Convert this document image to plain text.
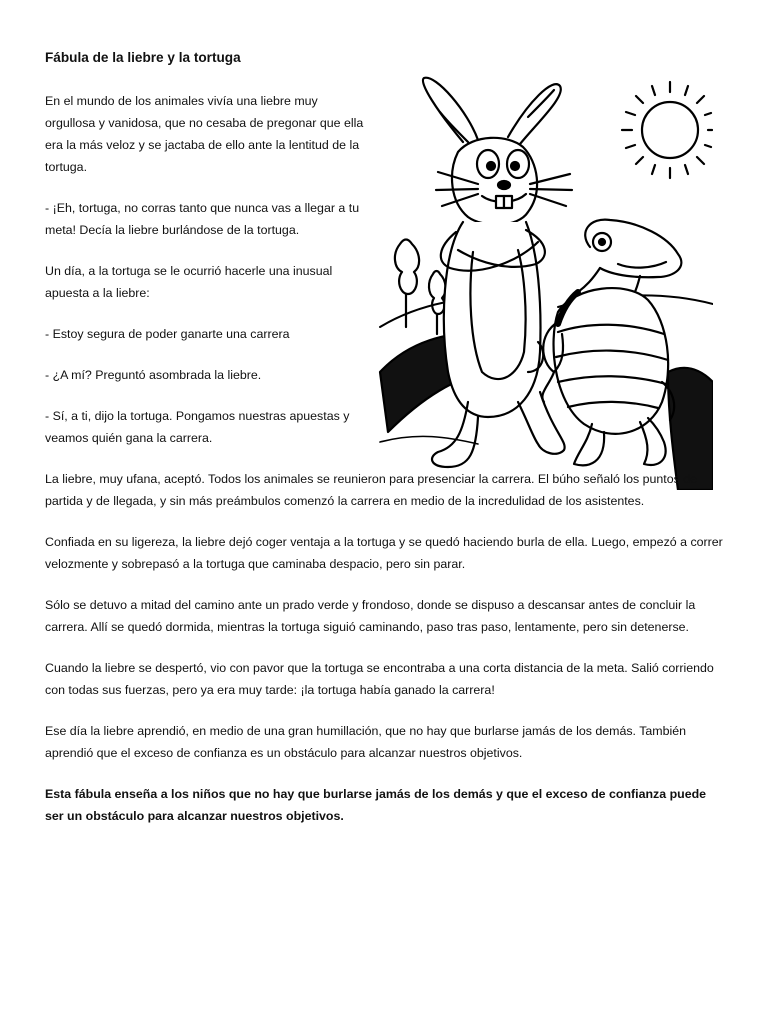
Fábula de la liebre y la tortuga

En el mundo de los animales vivía una liebre muy orgullosa y vanidosa, que no cesaba de pregonar que ella era la más veloz y se jactaba de ello ante la lentitud de la tortuga.

- ¡Eh, tortuga, no corras tanto que nunca vas a llegar a tu meta! Decía la liebre burlándose de la tortuga.

Un día, a la tortuga se le ocurrió hacerle una inusual apuesta a la liebre:

- Estoy segura de poder ganarte una carrera

- ¿A mí? Preguntó asombrada la liebre.

- Sí, a ti, dijo la tortuga. Pongamos nuestras apuestas y veamos quién gana la carrera.

La liebre, muy ufana, aceptó. Todos los animales se reunieron para presenciar la carrera. El búho señaló los puntos de partida y de llegada, y sin más preámbulos comenzó la carrera en medio de la incredulidad de los asistentes.

Confiada en su ligereza, la liebre dejó coger ventaja a la tortuga y se quedó haciendo burla de ella. Luego, empezó a correr velozmente y sobrepasó a la tortuga que caminaba despacio, pero sin parar.

Sólo se detuvo a mitad del camino ante un prado verde y frondoso, donde se dispuso a descansar antes de concluir la carrera. Allí se quedó dormida, mientras la tortuga siguió caminando, paso tras paso, lentamente, pero sin detenerse.

Cuando la liebre se despertó, vio con pavor que la tortuga se encontraba a una corta distancia de la meta. Salió corriendo con todas sus fuerzas, pero ya era muy tarde: ¡la tortuga había ganado la carrera!

Ese día la liebre aprendió, en medio de una gran humillación, que no hay que burlarse jamás de los demás. También aprendió que el exceso de confianza es un obstáculo para alcanzar nuestros objetivos.

Esta fábula enseña a los niños que no hay que burlarse jamás de los demás y que el exceso de confianza puede ser un obstáculo para alcanzar nuestros objetivos.
